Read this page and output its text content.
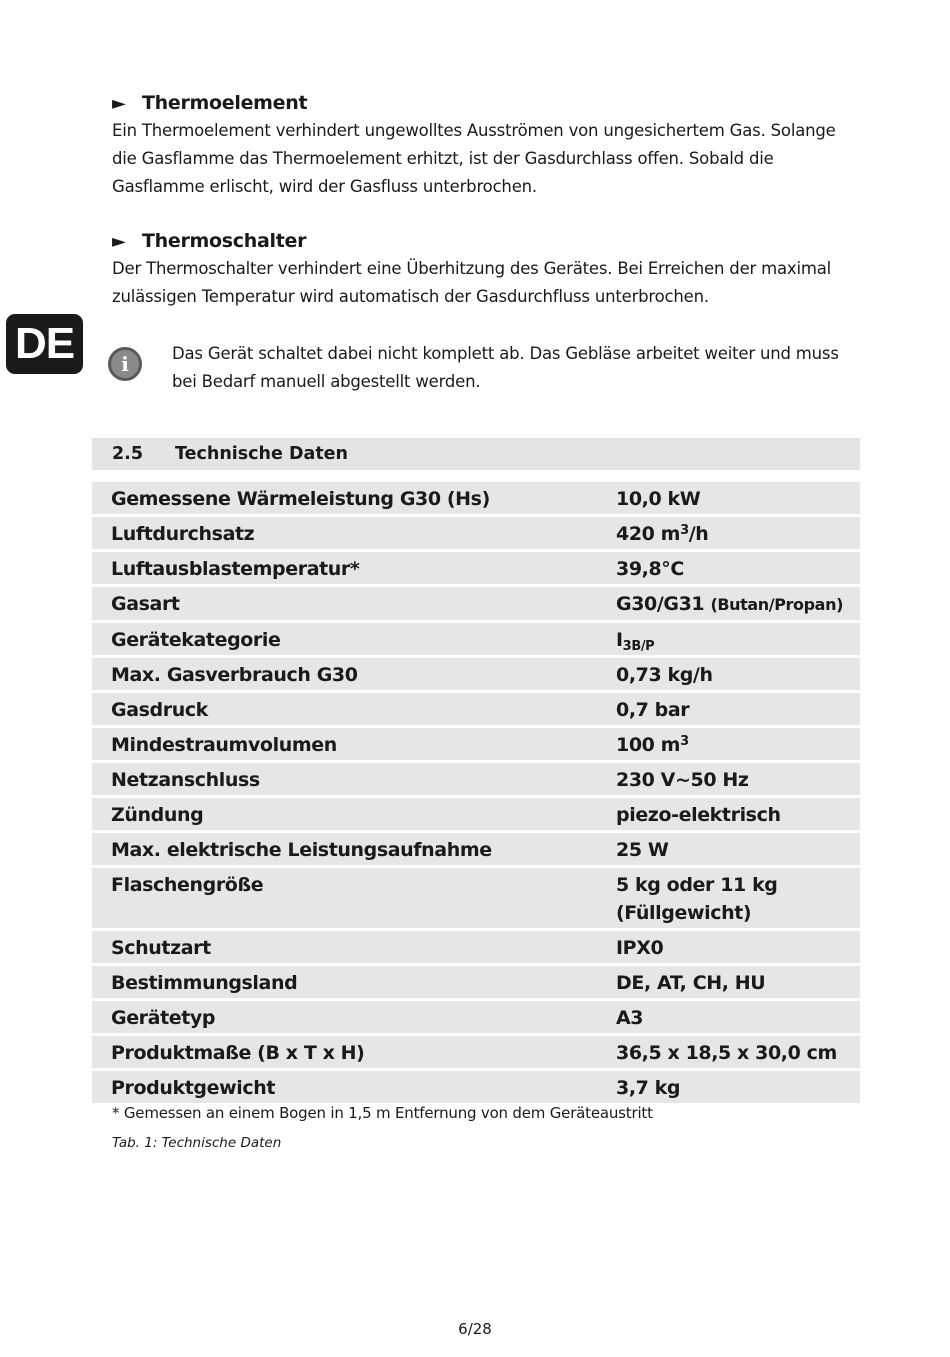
DE
► Thermoelement
Ein Thermoelement verhindert ungewolltes Ausströmen von ungesichertem Gas. Solange die Gasflamme das Thermoelement erhitzt, ist der Gasdurchlass offen. Sobald die Gasflamme erlischt, wird der Gasfluss unterbrochen.
► Thermoschalter
Der Thermoschalter verhindert eine Überhitzung des Gerätes. Bei Erreichen der maximal zulässigen Temperatur wird automatisch der Gasdurchfluss unterbrochen.
i	Das Gerät schaltet dabei nicht komplett ab. Das Gebläse arbeitet weiter und muss bei Bedarf manuell abgestellt werden.
2.5	Technische Daten
Gemessene Wärmeleistung G30 (Hs)	10,0 kW
Luftdurchsatz	420 $m^3/h$
Luftausblastemperatur*	39,8°C
Gasart	G30/G31 (Butan/Propan)
Gerätekategorie	$I_{3B/P}$
Max. Gasverbrauch G30	0,73 kg/h
Gasdruck	0,7 bar
Mindestraumvolumen	100 $m^3$
Netzanschluss	230 V~50 Hz
Zündung	piezo-elektrisch
Max. elektrische Leistungsaufnahme	25 W
Flaschengröße	5 kg oder 11 kg
(Füllgewicht)
Schutzart	IPX0
Bestimmungsland	DE, AT, CH, HU
Gerätetyp	A3
Produktmaße (B x T x H)	36,5 x 18,5 x 30,0 cm
Produktgewicht	3,7 kg
* Gemessen an einem Bogen in 1,5 m Entfernung von dem Geräteaustritt
Tab. 1: Technische Daten
6/28
